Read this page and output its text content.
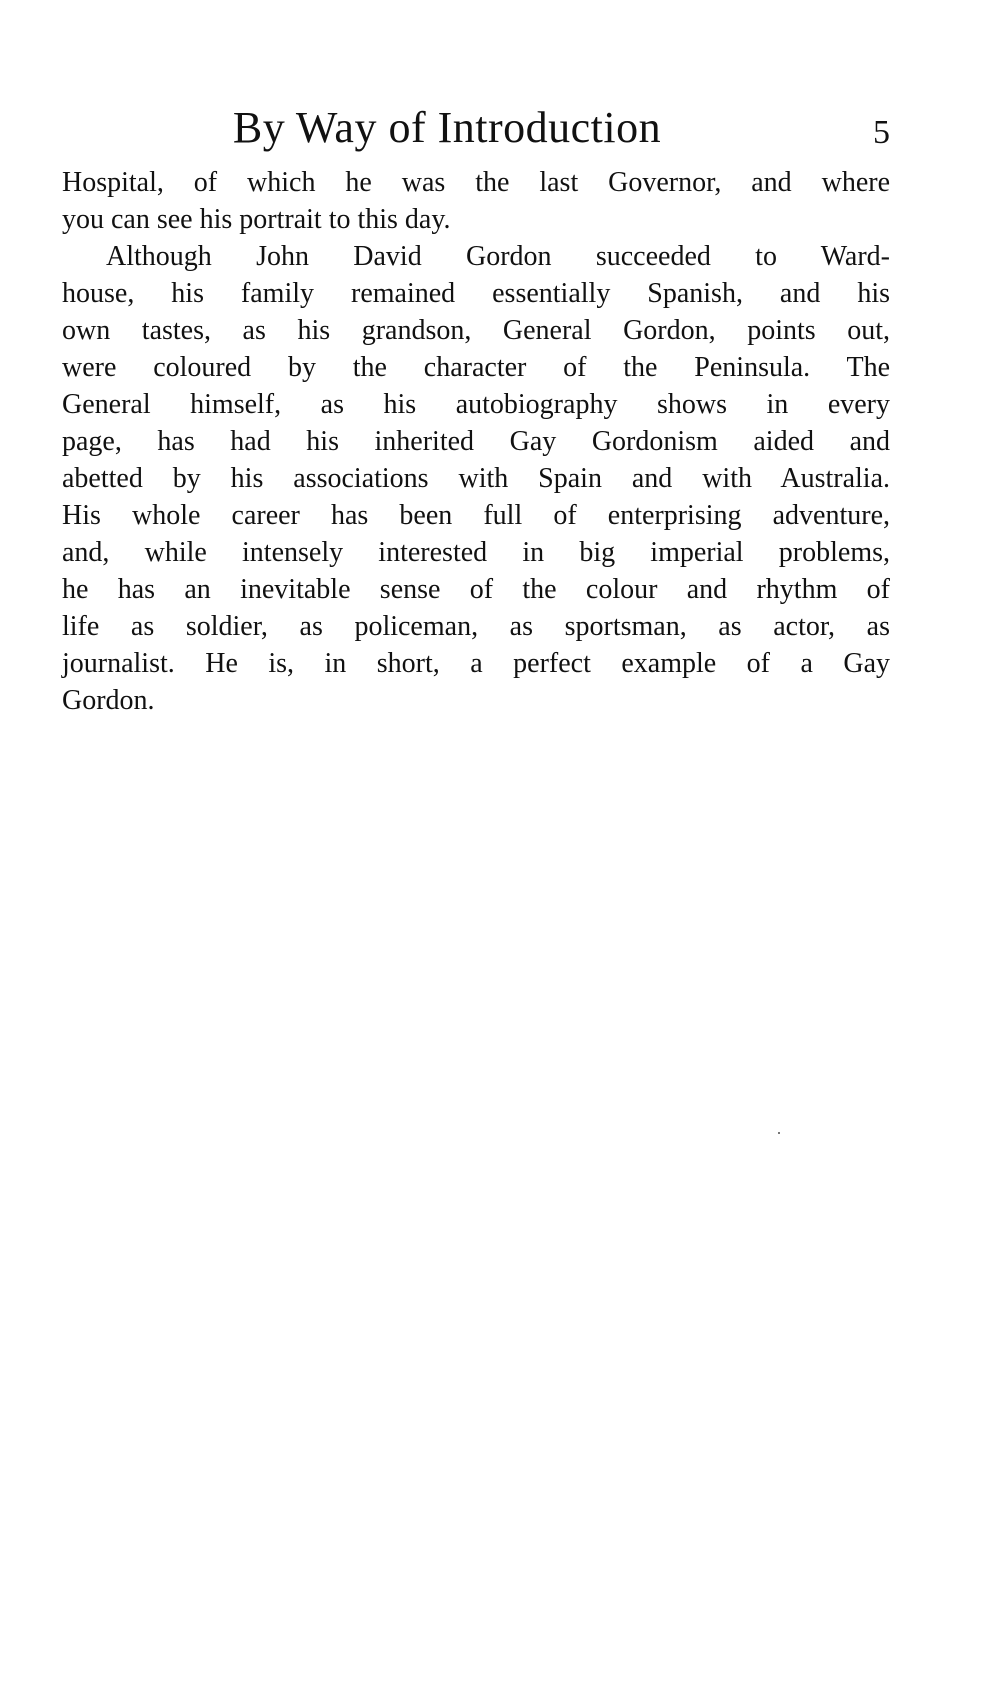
By Way of Introduction	5
Hospital, of which he was the last Governor, and where
you can see his portrait to this day.
Although John David Gordon succeeded to Ward-
house, his family remained essentially Spanish, and his
own tastes, as his grandson, General Gordon, points out,
were coloured by the character of the Peninsula. The
General himself, as his autobiography shows in every
page, has had his inherited Gay Gordonism aided and
abetted by his associations with Spain and with Australia.
His whole career has been full of enterprising adventure,
and, while intensely interested in big imperial problems,
he has an inevitable sense of the colour and rhythm of
life as soldier, as policeman, as sportsman, as actor, as
journalist. He is, in short, a perfect example of a Gay
Gordon.
